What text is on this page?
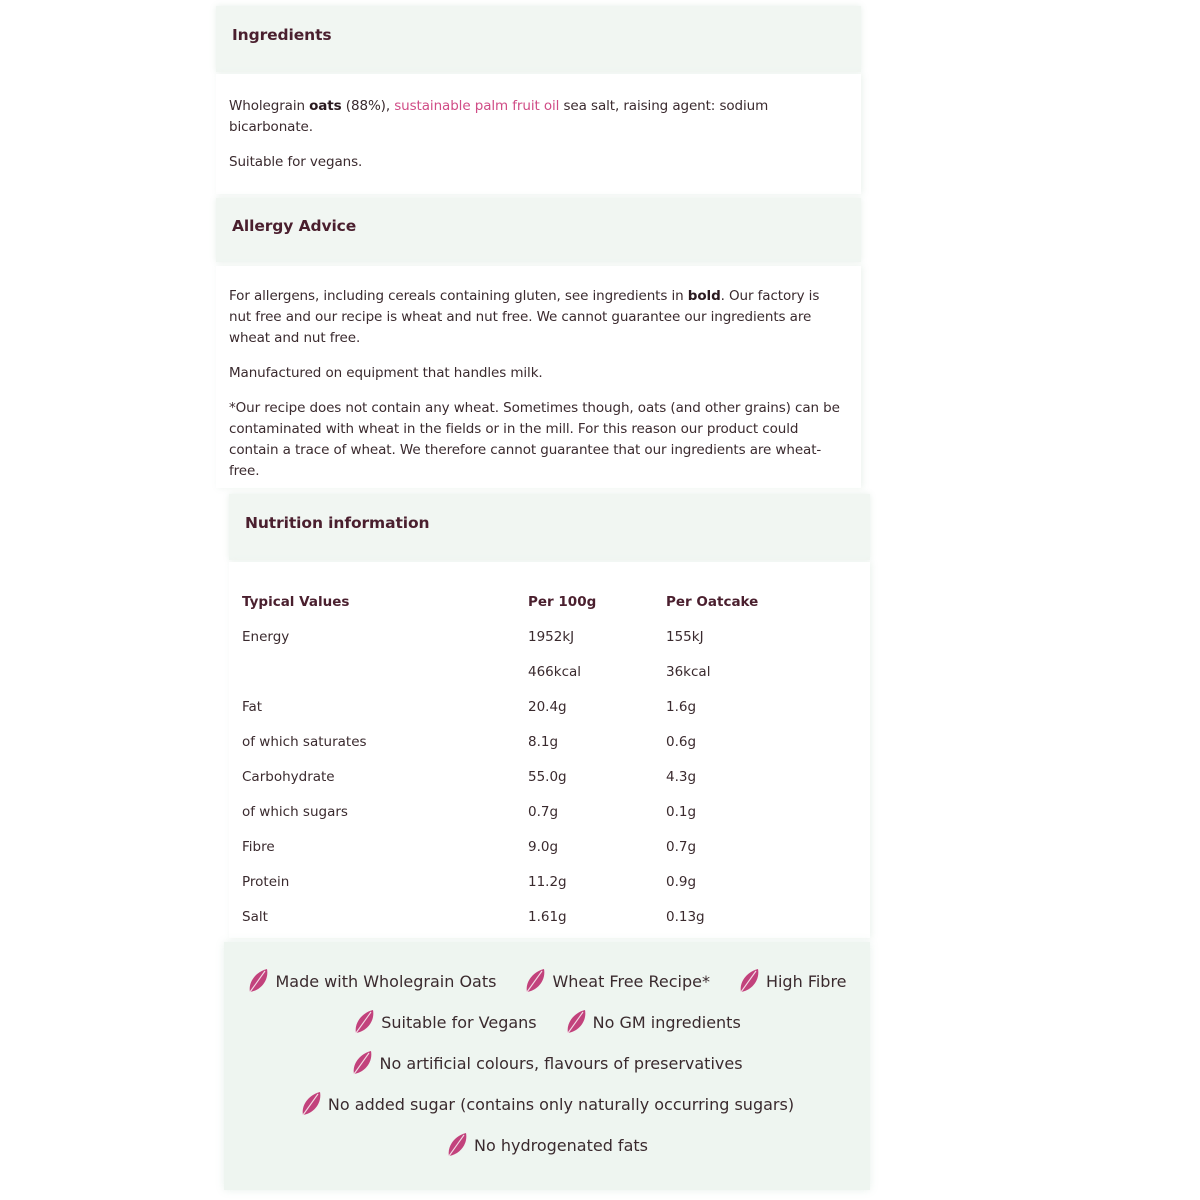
Ingredients

Wholegrain oats (88%), sustainable palm fruit oil sea salt, raising agent: sodium bicarbonate.

Suitable for vegans.

Allergy Advice

For allergens, including cereals containing gluten, see ingredients in bold. Our factory is nut free and our recipe is wheat and nut free. We cannot guarantee our ingredients are wheat and nut free.

Manufactured on equipment that handles milk.

*Our recipe does not contain any wheat. Sometimes though, oats (and other grains) can be contaminated with wheat in the fields or in the mill. For this reason our product could contain a trace of wheat. We therefore cannot guarantee that our ingredients are wheat-free.

Nutrition information
Typical Values	Per 100g	Per Oatcake
Energy	1952kJ	155kJ
	466kcal	36kcal
Fat	20.4g	1.6g
of which saturates	8.1g	0.6g
Carbohydrate	55.0g	4.3g
of which sugars	0.7g	0.1g
Fibre	9.0g	0.7g
Protein	11.2g	0.9g
Salt	1.61g	0.13g
Made with Wholegrain Oats	Wheat Free Recipe*	High Fibre
Suitable for Vegans	No GM ingredients
No artificial colours, flavours of preservatives
No added sugar (contains only naturally occurring sugars)
No hydrogenated fats
